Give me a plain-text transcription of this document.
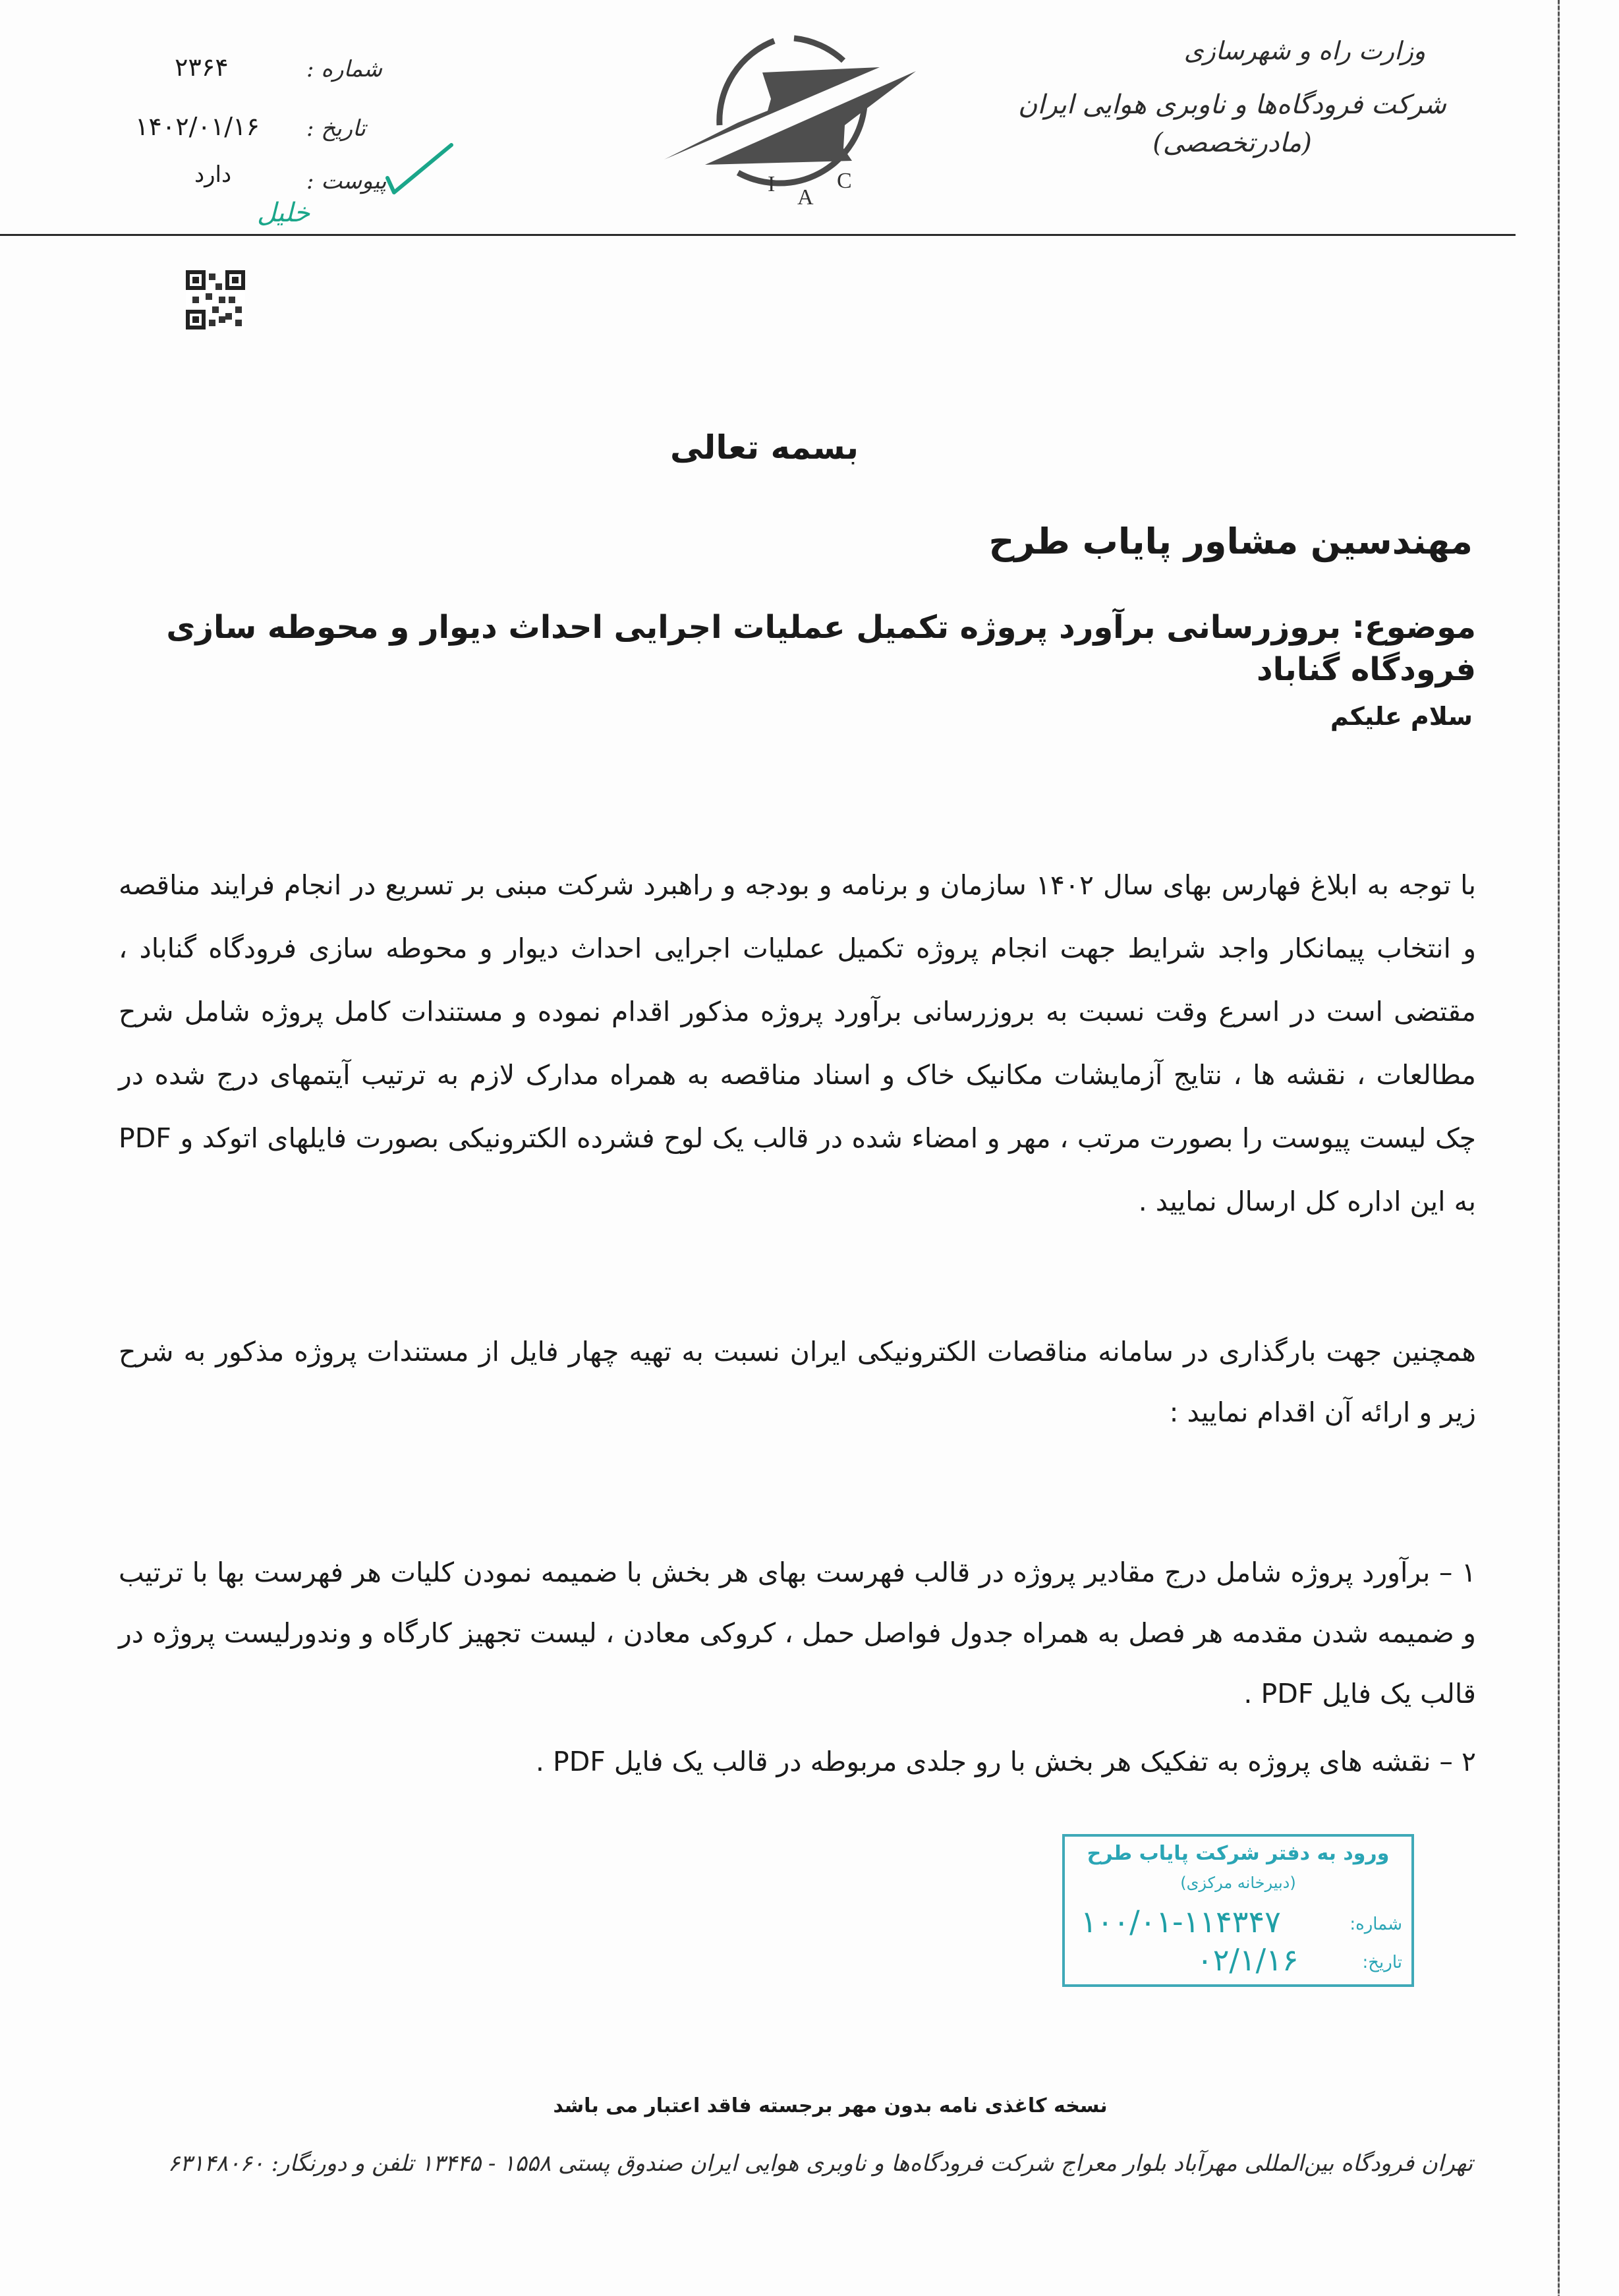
I
A
C
وزارت راه و شهرسازی
شرکت فرودگاه‌ها و ناوبری هوایی ایران (مادرتخصصی)
شماره :
۲۳۶۴
تاریخ :
۱۴۰۲/۰۱/۱۶
پیوست :
دارد
خلیل
بسمه تعالی
مهندسین مشاور پایاب طرح
موضوع: بروزرسانی برآورد پروژه تکمیل عملیات اجرایی احداث دیوار و محوطه سازی فرودگاه گناباد
سلام علیکم
با توجه به ابلاغ فهارس بهای سال ۱۴۰۲ سازمان و برنامه و بودجه و راهبرد شرکت مبنی بر تسریع در انجام فرایند مناقصه و انتخاب پیمانکار واجد شرایط جهت انجام پروژه تکمیل عملیات اجرایی احداث دیوار و محوطه سازی فرودگاه گناباد ، مقتضی است در اسرع وقت نسبت به بروزرسانی برآورد پروژه مذکور اقدام نموده و مستندات کامل پروژه شامل شرح مطالعات ، نقشه ها ، نتایج آزمایشات مکانیک خاک و اسناد مناقصه به همراه مدارک لازم به ترتیب آیتمهای درج شده در چک لیست پیوست را بصورت مرتب ، مهر و امضاء شده در قالب یک لوح فشرده الکترونیکی بصورت فایلهای اتوکد و PDF به این اداره کل ارسال نمایید .
همچنین جهت بارگذاری در سامانه مناقصات الکترونیکی ایران نسبت به تهیه چهار فایل از مستندات پروژه مذکور به شرح زیر و ارائه آن اقدام نمایید :
۱ – برآورد پروژه شامل درج مقادیر پروژه در قالب فهرست بهای هر بخش با ضمیمه نمودن کلیات هر فهرست بها با ترتیب و ضمیمه شدن مقدمه هر فصل به همراه جدول فواصل حمل ، کروکی معادن ، لیست تجهیز کارگاه و وندورلیست پروژه در قالب یک فایل PDF .
۲ – نقشه های پروژه به تفکیک هر بخش با رو جلدی مربوطه در قالب یک فایل PDF .
ورود به دفتر شرکت پایاب طرح
(دبیرخانه مرکزی)
شماره:
۱۰۰/۰۱-۱۱۴۳۴۷
تاریخ:
۰۲/۱/۱۶
نسخه کاغذی نامه بدون مهر برجسته فاقد اعتبار می باشد
تهران فرودگاه بین‌المللی مهرآباد بلوار معراج شرکت فرودگاه‌ها و ناوبری هوایی ایران صندوق پستی ۱۵۵۸ - ۱۳۴۴۵ تلفن و دورنگار: ۶۳۱۴۸۰۶۰
